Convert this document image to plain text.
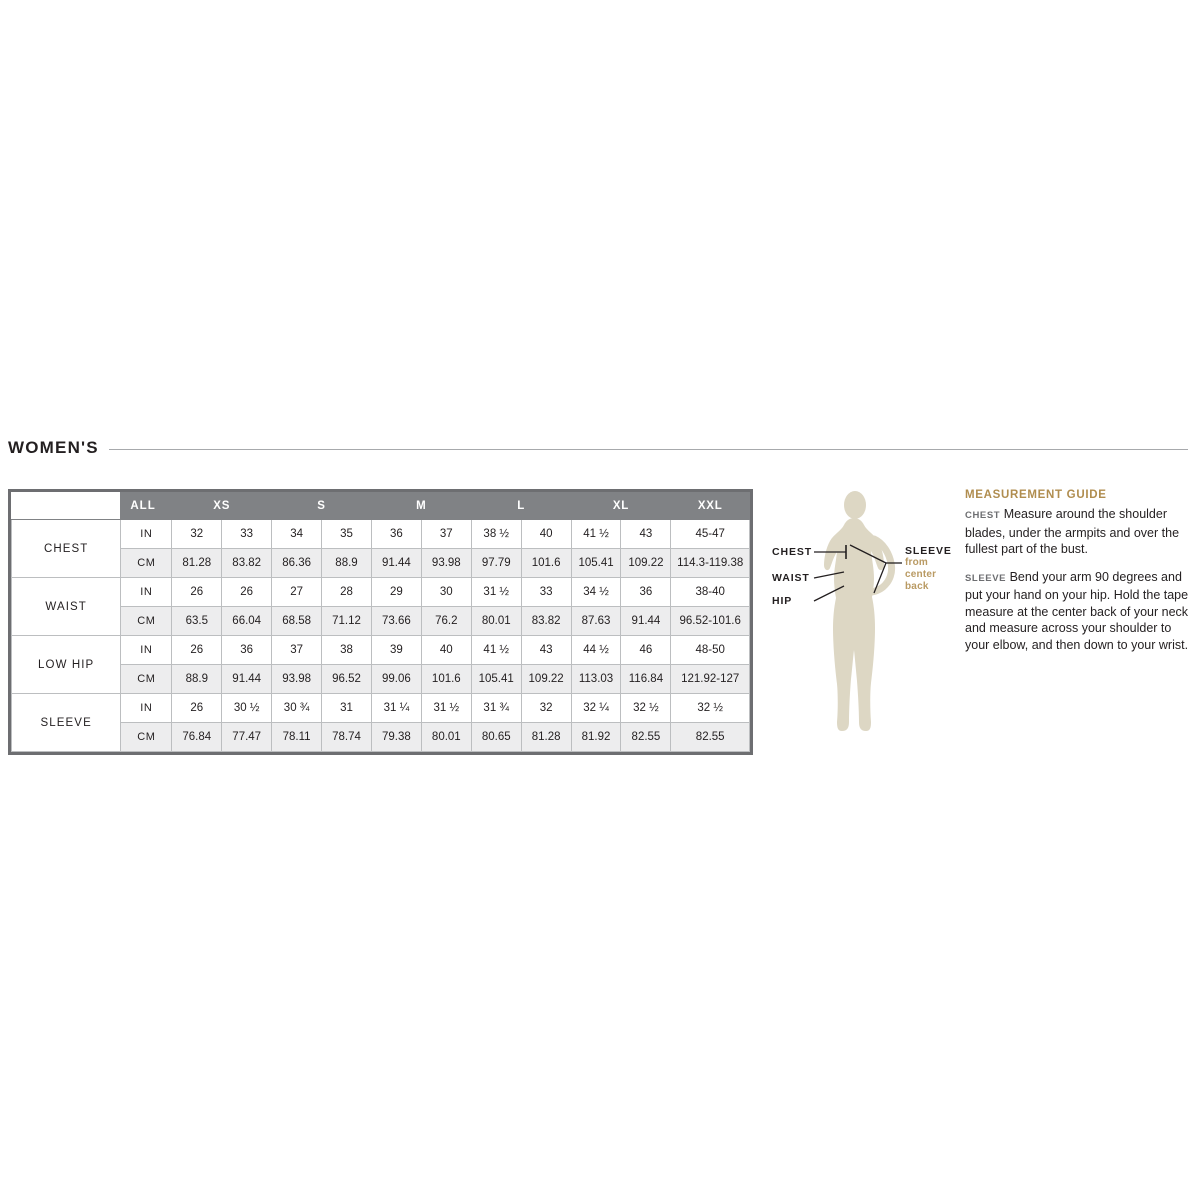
WOMEN'S
	ALL	XS		S		M		L		XL		XXL
CHEST	IN	32	33	34	35	36	37	38 ½	40	41 ½	43	45-47
	CM	81.28	83.82	86.36	88.9	91.44	93.98	97.79	101.6	105.41	109.22	114.3-119.38
WAIST	IN	26	26	27	28	29	30	31 ½	33	34 ½	36	38-40
	CM	63.5	66.04	68.58	71.12	73.66	76.2	80.01	83.82	87.63	91.44	96.52-101.6
LOW HIP	IN	26	36	37	38	39	40	41 ½	43	44 ½	46	48-50
	CM	88.9	91.44	93.98	96.52	99.06	101.6	105.41	109.22	113.03	116.84	121.92-127
SLEEVE	IN	26	30 ½	30 ¾	31	31 ¼	31 ½	31 ¾	32	32 ¼	32 ½	32 ½
	CM	76.84	77.47	78.11	78.74	79.38	80.01	80.65	81.28	81.92	82.55	82.55
CHEST
WAIST
HIP
SLEEVE
from center back
MEASUREMENT GUIDE
CHEST Measure around the shoulder blades, under the armpits and over the fullest part of the bust.
SLEEVE Bend your arm 90 degrees and put your hand on your hip. Hold the tape measure at the center back of your neck and measure across your shoulder to your elbow, and then down to your wrist.
